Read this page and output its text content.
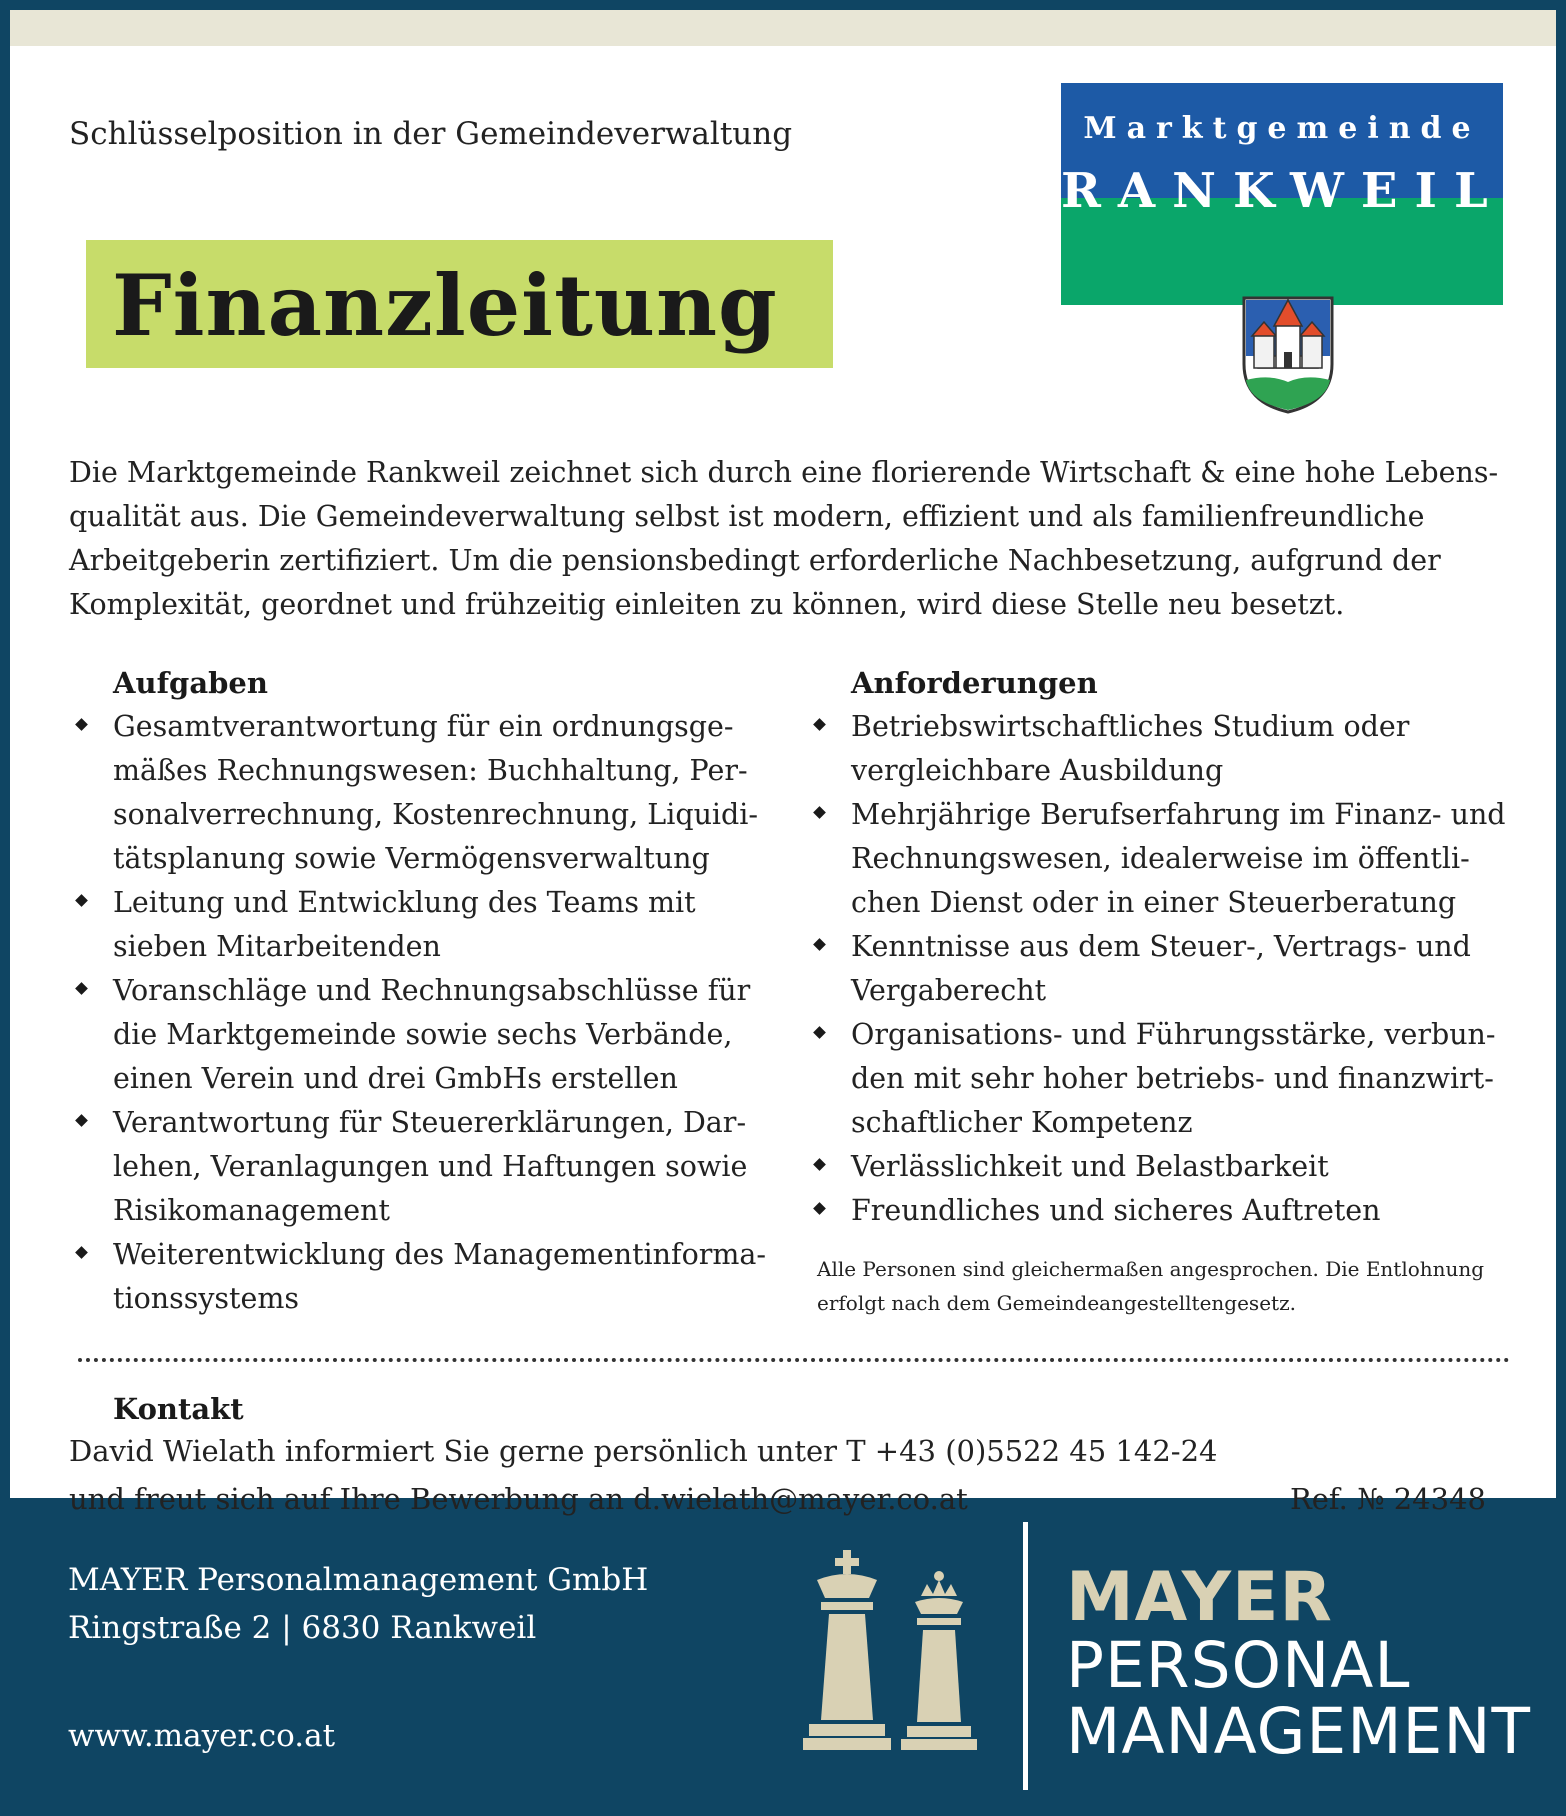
Schlüsselposition in der Gemeindeverwaltung
Finanzleitung
Marktgemeinde
RANKWEIL
Die Marktgemeinde Rankweil zeichnet sich durch eine florierende Wirtschaft & eine hohe Lebensqualität aus. Die Gemeindeverwaltung selbst ist modern, effizient und als familienfreundliche Arbeitgeberin zertifiziert. Um die pensionsbedingt erforderliche Nachbesetzung, aufgrund der Komplexität, geordnet und frühzeitig einleiten zu können, wird diese Stelle neu besetzt.
Aufgaben
Gesamtverantwortung für ein ordnungsgemäßes Rechnungswesen: Buchhaltung, Personalverrechnung, Kostenrechnung, Liquiditätsplanung sowie Vermögensverwaltung
Leitung und Entwicklung des Teams mit sieben Mitarbeitenden
Voranschläge und Rechnungsabschlüsse für die Marktgemeinde sowie sechs Verbände, einen Verein und drei GmbHs erstellen
Verantwortung für Steuererklärungen, Darlehen, Veranlagungen und Haftungen sowie Risikomanagement
Weiterentwicklung des Managementinformationssystems
Anforderungen
Betriebswirtschaftliches Studium oder vergleichbare Ausbildung
Mehrjährige Berufserfahrung im Finanz- und Rechnungswesen, idealerweise im öffentlichen Dienst oder in einer Steuerberatung
Kenntnisse aus dem Steuer-, Vertrags- und Vergaberecht
Organisations- und Führungsstärke, verbunden mit sehr hoher betriebs- und finanzwirtschaftlicher Kompetenz
Verlässlichkeit und Belastbarkeit
Freundliches und sicheres Auftreten
Alle Personen sind gleichermaßen angesprochen. Die Entlohnung erfolgt nach dem Gemeindeangestelltengesetz.
Kontakt
David Wielath informiert Sie gerne persönlich unter T +43 (0)5522 45 142-24
und freut sich auf Ihre Bewerbung an d.wielath@mayer.co.at	Ref. № 24348
MAYER Personalmanagement GmbH
Ringstraße 2 | 6830 Rankweil
www.mayer.co.at
MAYER
PERSONAL
MANAGEMENT
